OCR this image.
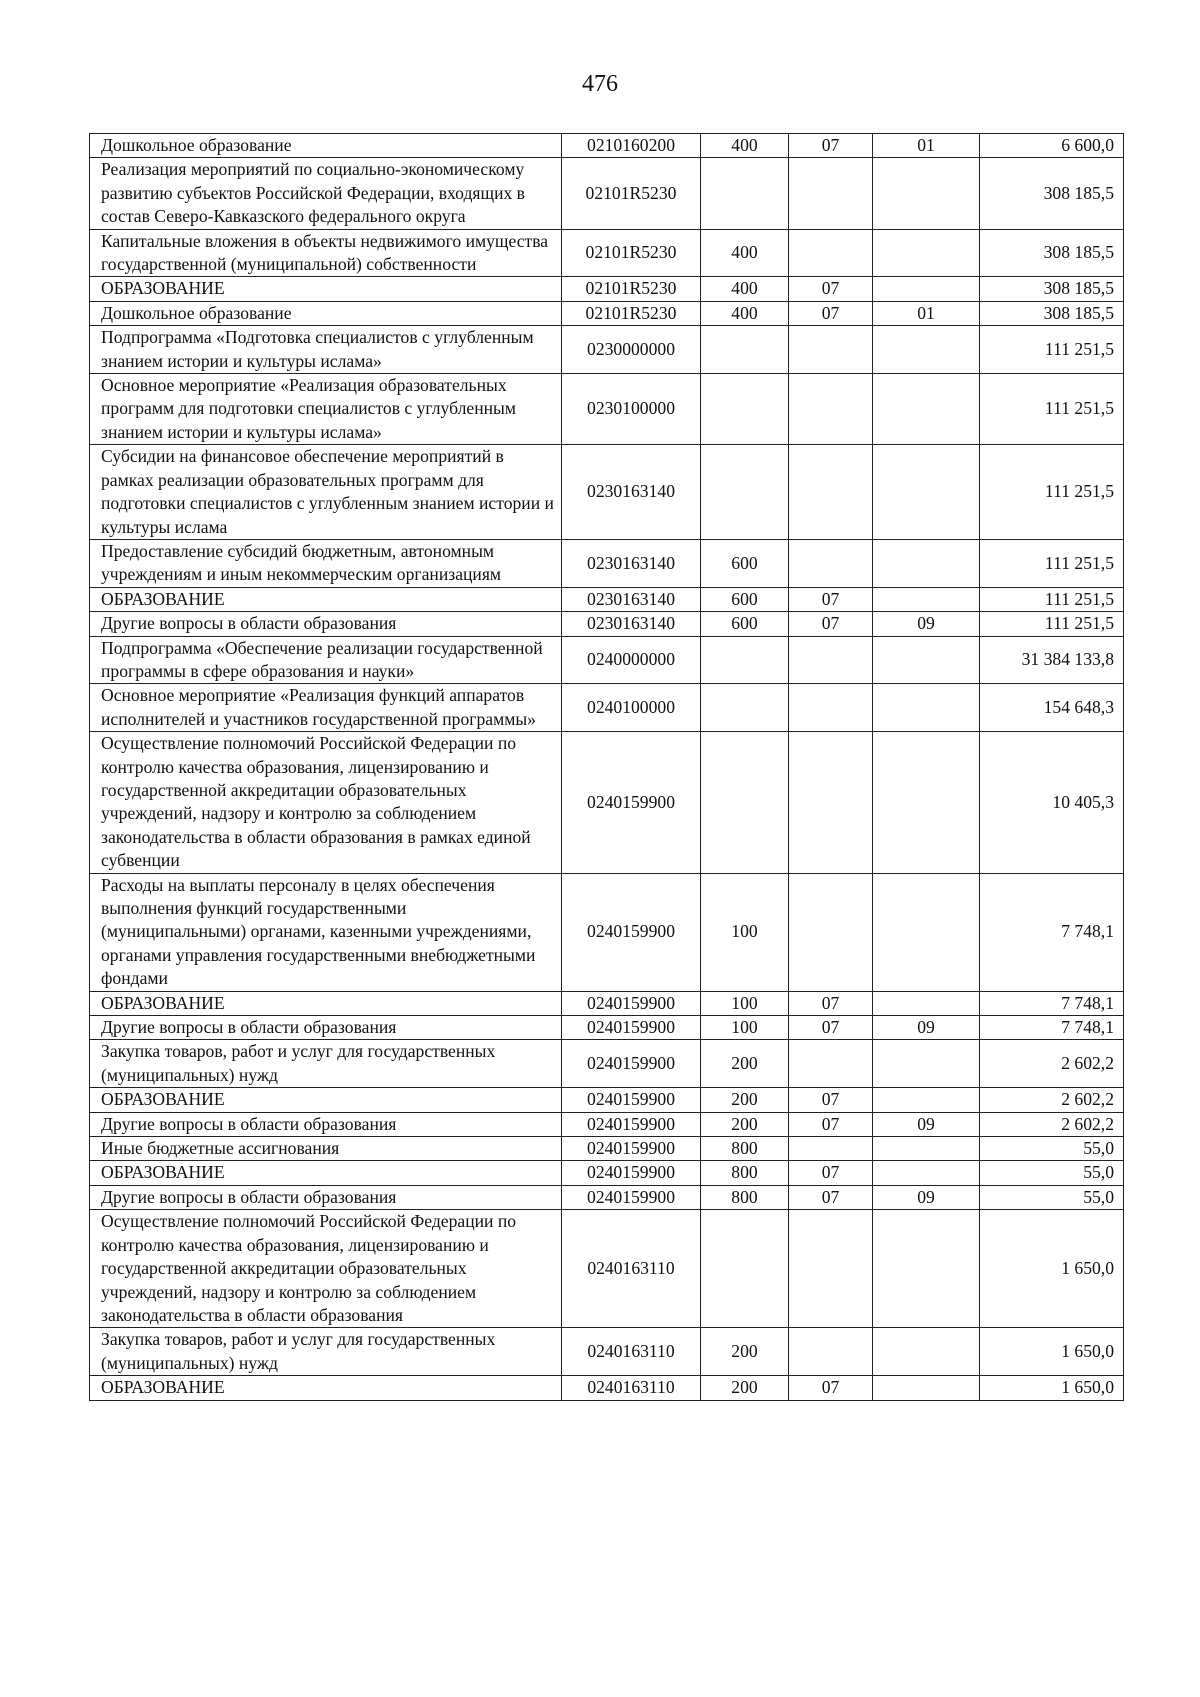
476
Дошкольное образование	0210160200	400	07	01	6 600,0
Реализация мероприятий по социально-экономическому развитию субъектов Российской Федерации, входящих в состав Северо-Кавказского федерального округа	02101R5230				308 185,5
Капитальные вложения в объекты недвижимого имущества государственной (муниципальной) собственности	02101R5230	400			308 185,5
ОБРАЗОВАНИЕ	02101R5230	400	07		308 185,5
Дошкольное образование	02101R5230	400	07	01	308 185,5
Подпрограмма «Подготовка специалистов с углубленным знанием истории и культуры ислама»	0230000000				111 251,5
Основное мероприятие «Реализация образовательных программ для подготовки специалистов с углубленным знанием истории и культуры ислама»	0230100000				111 251,5
Субсидии на финансовое обеспечение мероприятий в рамках реализации образовательных программ для подготовки специалистов с углубленным знанием истории и культуры ислама	0230163140				111 251,5
Предоставление субсидий бюджетным, автономным учреждениям и иным некоммерческим организациям	0230163140	600			111 251,5
ОБРАЗОВАНИЕ	0230163140	600	07		111 251,5
Другие вопросы в области образования	0230163140	600	07	09	111 251,5
Подпрограмма «Обеспечение реализации государственной программы в сфере образования и науки»	0240000000				31 384 133,8
Основное мероприятие «Реализация функций аппаратов исполнителей и участников государственной программы»	0240100000				154 648,3
Осуществление полномочий Российской Федерации по контролю качества образования, лицензированию и государственной аккредитации образовательных учреждений, надзору и контролю за соблюдением законодательства в области образования в рамках единой субвенции	0240159900				10 405,3
Расходы на выплаты персоналу в целях обеспечения выполнения функций государственными (муниципальными) органами, казенными учреждениями, органами управления государственными внебюджетными фондами	0240159900	100			7 748,1
ОБРАЗОВАНИЕ	0240159900	100	07		7 748,1
Другие вопросы в области образования	0240159900	100	07	09	7 748,1
Закупка товаров, работ и услуг для государственных (муниципальных) нужд	0240159900	200			2 602,2
ОБРАЗОВАНИЕ	0240159900	200	07		2 602,2
Другие вопросы в области образования	0240159900	200	07	09	2 602,2
Иные бюджетные ассигнования	0240159900	800			55,0
ОБРАЗОВАНИЕ	0240159900	800	07		55,0
Другие вопросы в области образования	0240159900	800	07	09	55,0
Осуществление полномочий Российской Федерации по контролю качества образования, лицензированию и государственной аккредитации образовательных учреждений, надзору и контролю за соблюдением законодательства в области образования	0240163110				1 650,0
Закупка товаров, работ и услуг для государственных (муниципальных) нужд	0240163110	200			1 650,0
ОБРАЗОВАНИЕ	0240163110	200	07		1 650,0
